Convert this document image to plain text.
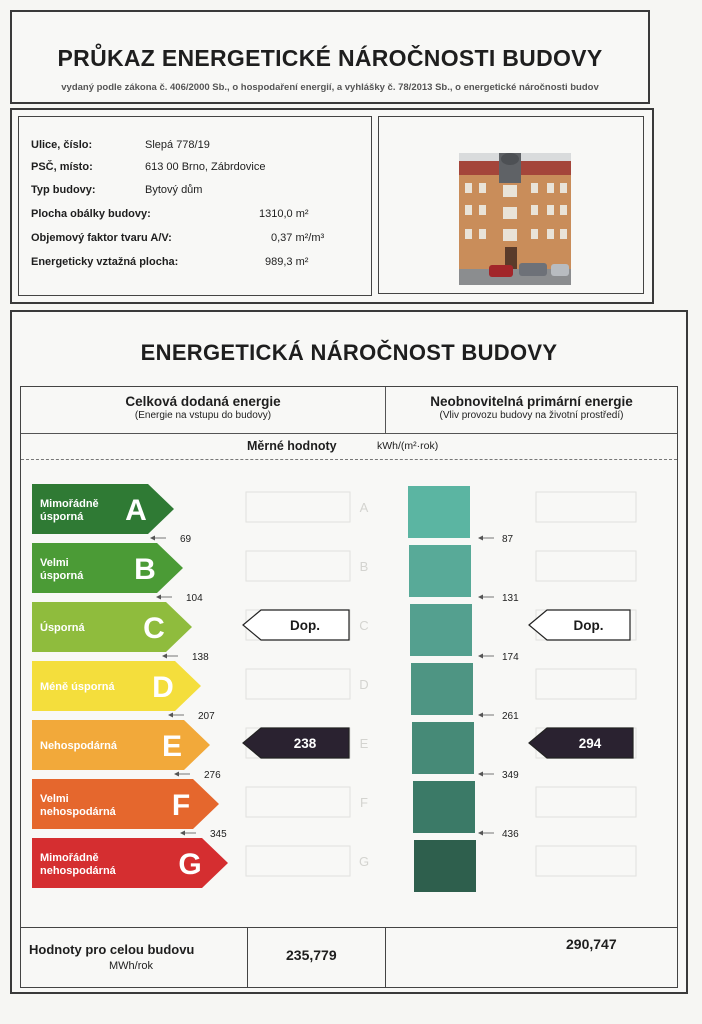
PRŮKAZ ENERGETICKÉ NÁROČNOSTI BUDOVY
vydaný podle zákona č. 406/2000 Sb., o hospodaření energií, a vyhlášky č. 78/2013 Sb., o energetické náročnosti budov
Ulice, číslo:	Slepá 778/19
PSČ, místo:	613 00 Brno, Zábrdovice
Typ budovy:	Bytový dům
Plocha obálky budovy:	1310,0 m²
Objemový faktor tvaru A/V:	0,37 m²/m³
Energeticky vztažná plocha:	989,3 m²
ENERGETICKÁ NÁROČNOST BUDOVY
Celková dodaná energie
(Energie na vstupu do budovy)
Neobnovitelná primární energie
(Vliv provozu budovy na životní prostředí)
Měrné hodnoty	kWh/(m²·rok)
Hodnoty pro celou budovu
MWh/rok
235,779
290,747
A
B
C
D
E
F
G
Mimořádně
úsporná A
Velmi
úsporná B
Úsporná C
Méně úsporná D
Nehospodárná E
Velmi
nehospodárná F
Mimořádně
nehospodárná G
69
104
138
207
276
345
87
131
174
261
349
436
Dop.
238
Dop.
294
